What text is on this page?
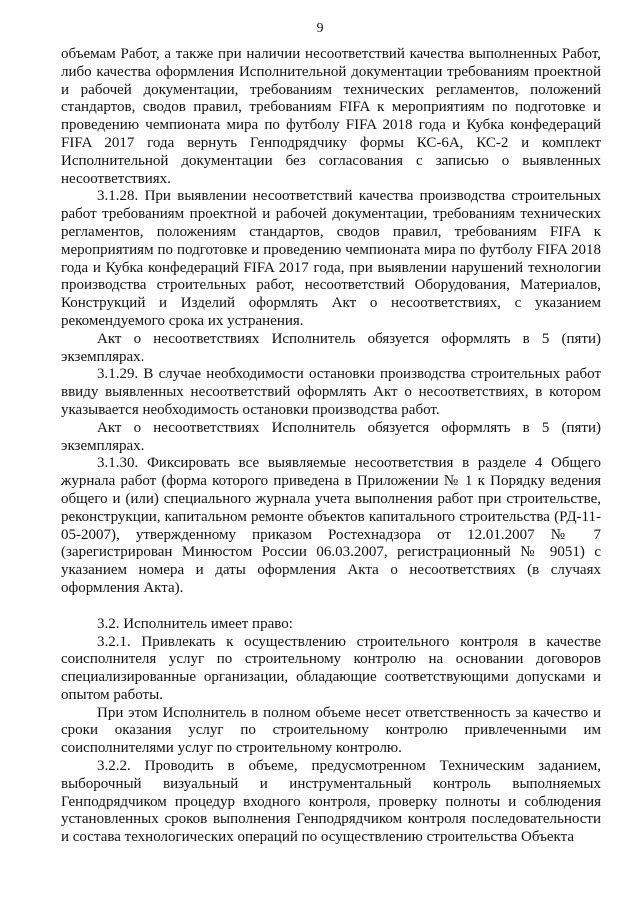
9

объемам Работ, а также при наличии несоответствий качества выполненных Работ, либо качества оформления Исполнительной документации требованиям проектной и рабочей документации, требованиям технических регламентов, положений стандартов, сводов правил, требованиям FIFA к мероприятиям по подготовке и проведению чемпионата мира по футболу FIFA 2018 года и Кубка конфедераций FIFA 2017 года вернуть Генподрядчику формы КС-6А, КС-2 и комплект Исполнительной документации без согласования с записью о выявленных несоответствиях.

3.1.28. При выявлении несоответствий качества производства строительных работ требованиям проектной и рабочей документации, требованиям технических регламентов, положениям стандартов, сводов правил, требованиям FIFA к мероприятиям по подготовке и проведению чемпионата мира по футболу FIFA 2018 года и Кубка конфедераций FIFA 2017 года, при выявлении нарушений технологии производства строительных работ, несоответствий Оборудования, Материалов, Конструкций и Изделий оформлять Акт о несоответствиях, с указанием рекомендуемого срока их устранения.

Акт о несоответствиях Исполнитель обязуется оформлять в 5 (пяти) экземплярах.

3.1.29. В случае необходимости остановки производства строительных работ ввиду выявленных несоответствий оформлять Акт о несоответствиях, в котором указывается необходимость остановки производства работ.

Акт о несоответствиях Исполнитель обязуется оформлять в 5 (пяти) экземплярах.

3.1.30. Фиксировать все выявляемые несоответствия в разделе 4 Общего журнала работ (форма которого приведена в Приложении № 1 к Порядку ведения общего и (или) специального журнала учета выполнения работ при строительстве, реконструкции, капитальном ремонте объектов капитального строительства (РД-11-05-2007), утвержденному приказом Ростехнадзора от 12.01.2007 № 7 (зарегистрирован Минюстом России 06.03.2007, регистрационный № 9051) с указанием номера и даты оформления Акта о несоответствиях (в случаях оформления Акта).

3.2. Исполнитель имеет право:

3.2.1. Привлекать к осуществлению строительного контроля в качестве соисполнителя услуг по строительному контролю на основании договоров специализированные организации, обладающие соответствующими допусками и опытом работы.

При этом Исполнитель в полном объеме несет ответственность за качество и сроки оказания услуг по строительному контролю привлеченными им соисполнителями услуг по строительному контролю.

3.2.2. Проводить в объеме, предусмотренном Техническим заданием, выборочный визуальный и инструментальный контроль выполняемых Генподрядчиком процедур входного контроля, проверку полноты и соблюдения установленных сроков выполнения Генподрядчиком контроля последовательности и состава технологических операций по осуществлению строительства Объекта
